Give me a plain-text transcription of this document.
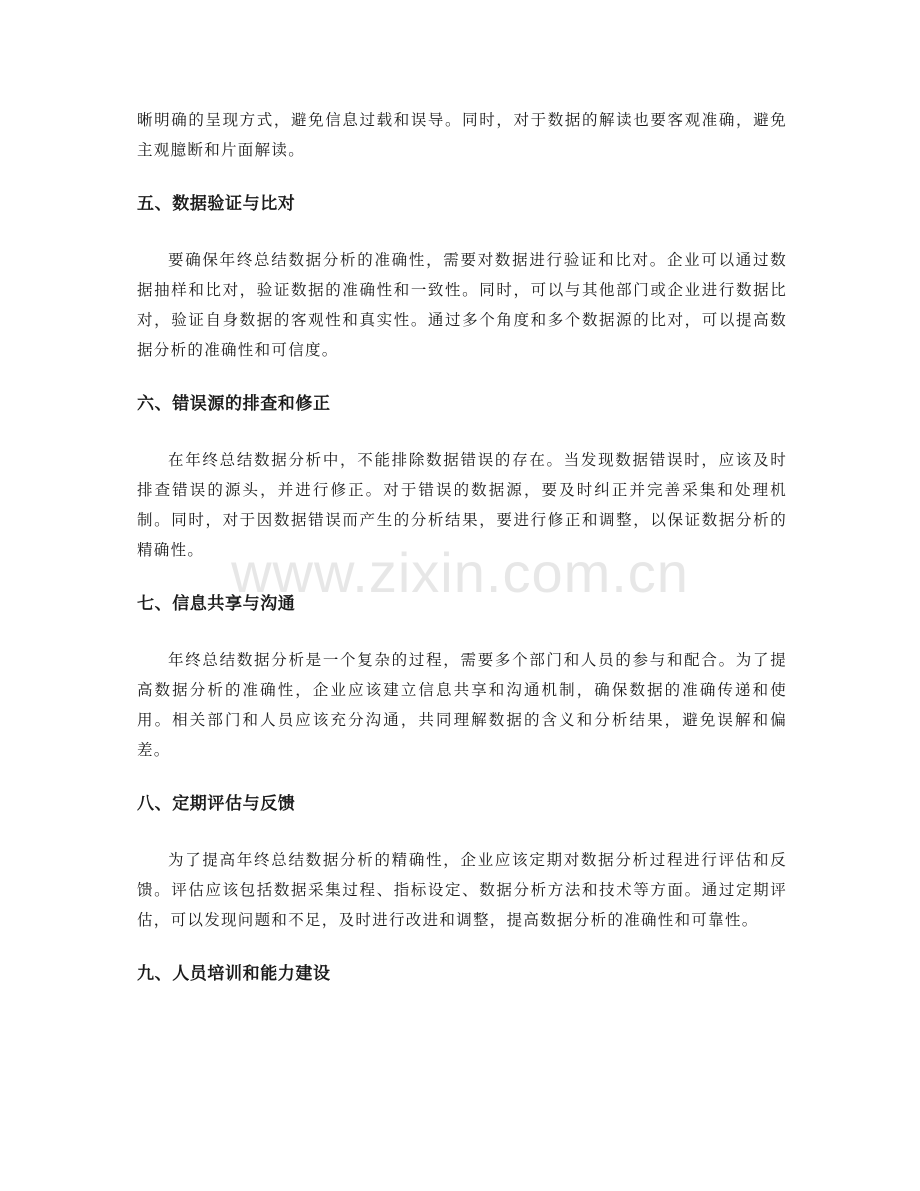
晰明确的呈现方式，避免信息过载和误导。同时，对于数据的解读也要客观准确，避免主观臆断和片面解读。

五、数据验证与比对

要确保年终总结数据分析的准确性，需要对数据进行验证和比对。企业可以通过数据抽样和比对，验证数据的准确性和一致性。同时，可以与其他部门或企业进行数据比对，验证自身数据的客观性和真实性。通过多个角度和多个数据源的比对，可以提高数据分析的准确性和可信度。

六、错误源的排查和修正

在年终总结数据分析中，不能排除数据错误的存在。当发现数据错误时，应该及时排查错误的源头，并进行修正。对于错误的数据源，要及时纠正并完善采集和处理机制。同时，对于因数据错误而产生的分析结果，要进行修正和调整，以保证数据分析的精确性。

七、信息共享与沟通

年终总结数据分析是一个复杂的过程，需要多个部门和人员的参与和配合。为了提高数据分析的准确性，企业应该建立信息共享和沟通机制，确保数据的准确传递和使用。相关部门和人员应该充分沟通，共同理解数据的含义和分析结果，避免误解和偏差。

八、定期评估与反馈

为了提高年终总结数据分析的精确性，企业应该定期对数据分析过程进行评估和反馈。评估应该包括数据采集过程、指标设定、数据分析方法和技术等方面。通过定期评估，可以发现问题和不足，及时进行改进和调整，提高数据分析的准确性和可靠性。

九、人员培训和能力建设
www.zixin.com.cn
